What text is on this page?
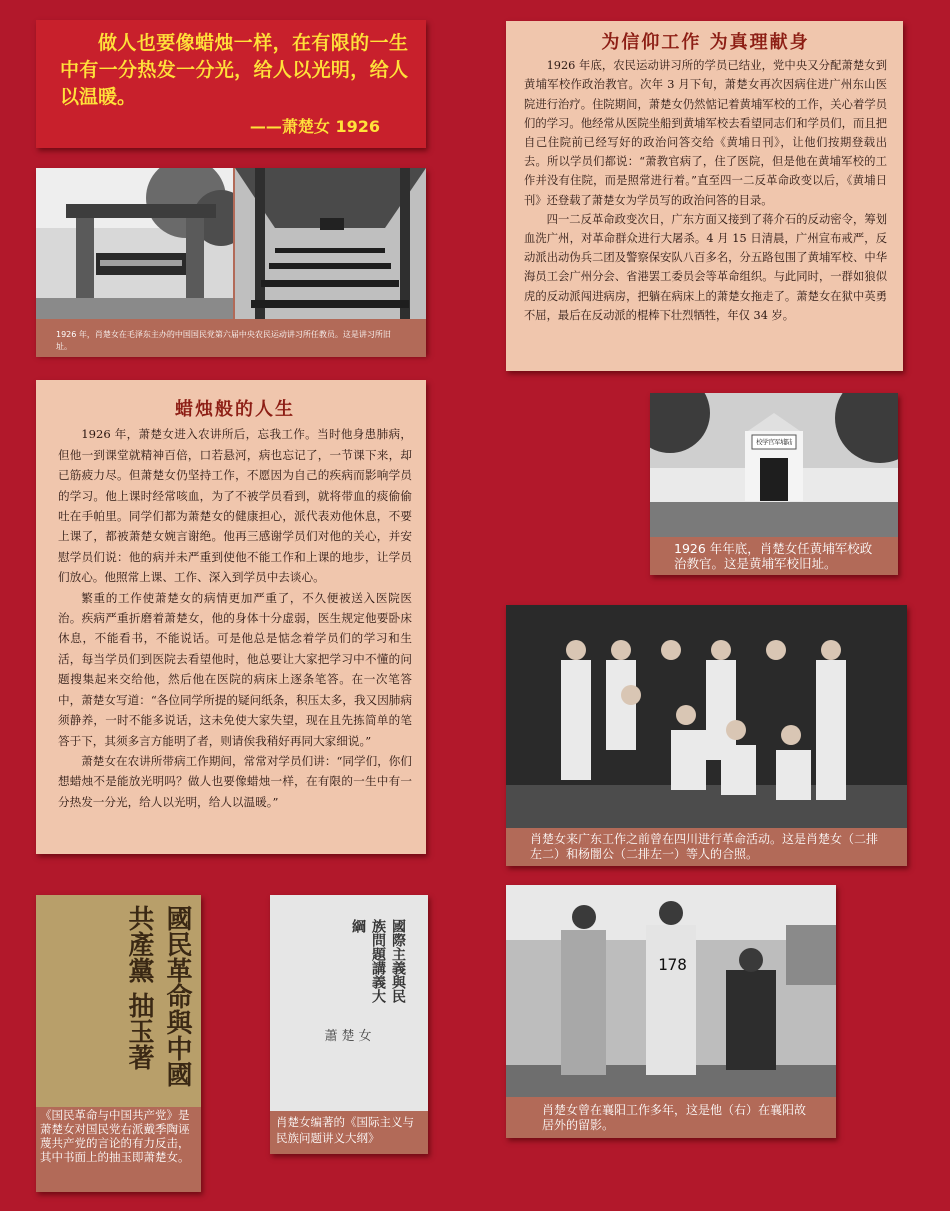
做人也要像蜡烛一样，在有限的一生中有一分热发一分光，给人以光明，给人以温暖。

——萧楚女 1926

为信仰工作 为真理献身

1926 年底，农民运动讲习所的学员已结业，党中央又分配萧楚女到黄埔军校作政治教官。次年 3 月下旬，萧楚女再次因病住进广州东山医院进行治疗。住院期间，萧楚女仍然惦记着黄埔军校的工作，关心着学员们的学习。他经常从医院坐船到黄埔军校去看望同志们和学员们，而且把自己住院前已经写好的政治问答交给《黄埔日刊》，让他们按期登载出去。所以学员们都说：“萧教官病了，住了医院，但是他在黄埔军校的工作并没有住院，而是照常进行着。”直至四一二反革命政变以后，《黄埔日刊》还登载了萧楚女为学员写的政治问答的目录。

四一二反革命政变次日，广东方面又接到了蒋介石的反动密令，筹划血洗广州，对革命群众进行大屠杀。4 月 15 日清晨，广州宣布戒严，反动派出动伪兵二团及警察保安队八百多名，分五路包围了黄埔军校、中华海员工会广州分会、省港罢工委员会等革命组织。与此同时，一群如狼似虎的反动派闯进病房，把躺在病床上的萧楚女拖走了。萧楚女在狱中英勇不屈，最后在反动派的棍棒下壮烈牺牲，年仅 34 岁。

1926 年，肖楚女在毛泽东主办的中国国民党第六届中央农民运动讲习所任教员。这是讲习所旧址。
蜡烛般的人生

1926 年，萧楚女进入农讲所后，忘我工作。当时他身患肺病，但他一到课堂就精神百倍，口若悬河，病也忘记了，一节课下来，却已筋疲力尽。但萧楚女仍坚持工作，不愿因为自己的疾病而影响学员的学习。他上课时经常咳血，为了不被学员看到，就将带血的痰偷偷吐在手帕里。同学们都为萧楚女的健康担心，派代表劝他休息，不要上课了，都被萧楚女婉言谢绝。他再三感谢学员们对他的关心，并安慰学员们说：他的病并未严重到使他不能工作和上课的地步，让学员们放心。他照常上课、工作、深入到学员中去谈心。

繁重的工作使萧楚女的病情更加严重了，不久便被送入医院医治。疾病严重折磨着萧楚女，他的身体十分虚弱，医生规定他要卧床休息，不能看书，不能说话。可是他总是惦念着学员们的学习和生活，每当学员们到医院去看望他时，他总要让大家把学习中不懂的问题搜集起来交给他，然后他在医院的病床上逐条笔答。在一次笔答中，萧楚女写道：“各位同学所提的疑问纸条，积压太多，我又因肺病须静养，一时不能多说话，这未免使大家失望，现在且先拣简单的笔答于下，其须多言方能明了者，则请俟我稍好再同大家细说。”

萧楚女在农讲所带病工作期间，常常对学员们讲：“同学们，你们想蜡烛不是能放光明吗？做人也要像蜡烛一样，在有限的一生中有一分热发一分光，给人以光明，给人以温暖。”

校学官军埔陆
1926 年年底，肖楚女任黄埔军校政治教官。这是黄埔军校旧址。
肖楚女来广东工作之前曾在四川进行革命活动。这是肖楚女（二排左二）和杨闇公（二排左一）等人的合照。
國民革命與中國共產黨 抽玉著
《国民革命与中国共产党》是萧楚女对国民党右派戴季陶诬蔑共产党的言论的有力反击，其中书面上的抽玉即萧楚女。
國際主義與民族問題講義大綱
蕭楚女
肖楚女编著的《国际主义与民族问题讲义大纲》
178
肖楚女曾在襄阳工作多年，这是他（右）在襄阳故居外的留影。
